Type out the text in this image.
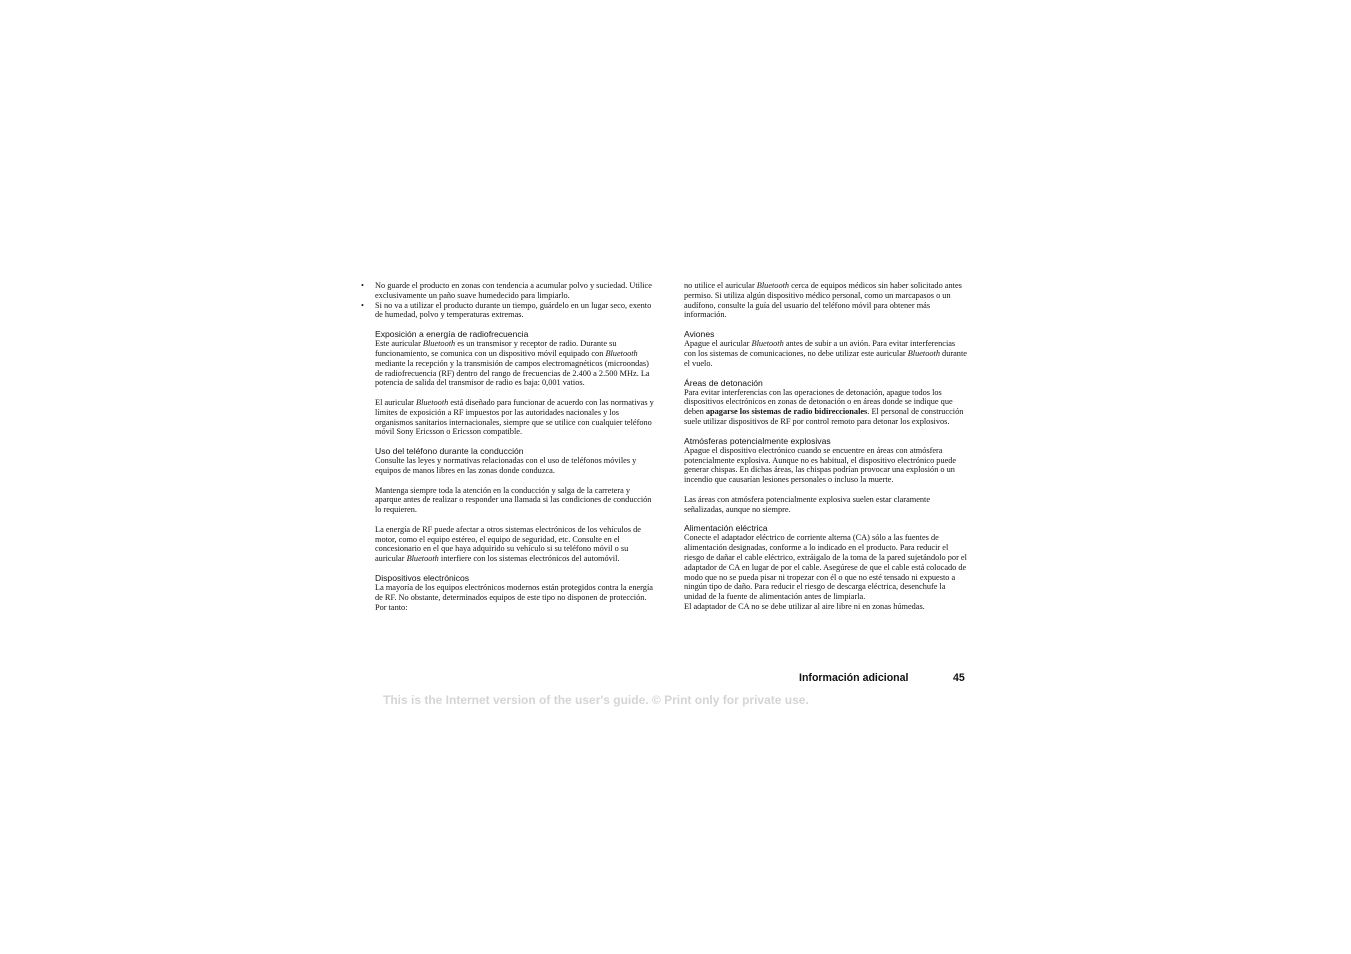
• No guarde el producto en zonas con tendencia a acumular polvo y suciedad. Utilice exclusivamente un paño suave humedecido para limpiarlo.
• Si no va a utilizar el producto durante un tiempo, guárdelo en un lugar seco, exento de humedad, polvo y temperaturas extremas.
Exposición a energía de radiofrecuencia

Este auricular Bluetooth es un transmisor y receptor de radio. Durante su funcionamiento, se comunica con un dispositivo móvil equipado con Bluetooth mediante la recepción y la transmisión de campos electromagnéticos (microondas) de radiofrecuencia (RF) dentro del rango de frecuencias de 2.400 a 2.500 MHz. La potencia de salida del transmisor de radio es baja: 0,001 vatios.

El auricular Bluetooth está diseñado para funcionar de acuerdo con las normativas y límites de exposición a RF impuestos por las autoridades nacionales y los organismos sanitarios internacionales, siempre que se utilice con cualquier teléfono móvil Sony Ericsson o Ericsson compatible.

Uso del teléfono durante la conducción

Consulte las leyes y normativas relacionadas con el uso de teléfonos móviles y equipos de manos libres en las zonas donde conduzca.

Mantenga siempre toda la atención en la conducción y salga de la carretera y aparque antes de realizar o responder una llamada si las condiciones de conducción lo requieren.

La energía de RF puede afectar a otros sistemas electrónicos de los vehículos de motor, como el equipo estéreo, el equipo de seguridad, etc. Consulte en el concesionario en el que haya adquirido su vehículo si su teléfono móvil o su auricular Bluetooth interfiere con los sistemas electrónicos del automóvil.

Dispositivos electrónicos

La mayoría de los equipos electrónicos modernos están protegidos contra la energía de RF. No obstante, determinados equipos de este tipo no disponen de protección. Por tanto:

no utilice el auricular Bluetooth cerca de equipos médicos sin haber solicitado antes permiso. Si utiliza algún dispositivo médico personal, como un marcapasos o un audífono, consulte la guía del usuario del teléfono móvil para obtener más información.

Aviones

Apague el auricular Bluetooth antes de subir a un avión. Para evitar interferencias con los sistemas de comunicaciones, no debe utilizar este auricular Bluetooth durante el vuelo.

Áreas de detonación

Para evitar interferencias con las operaciones de detonación, apague todos los dispositivos electrónicos en zonas de detonación o en áreas donde se indique que deben apagarse los sistemas de radio bidireccionales. El personal de construcción suele utilizar dispositivos de RF por control remoto para detonar los explosivos.

Atmósferas potencialmente explosivas

Apague el dispositivo electrónico cuando se encuentre en áreas con atmósfera potencialmente explosiva. Aunque no es habitual, el dispositivo electrónico puede generar chispas. En dichas áreas, las chispas podrían provocar una explosión o un incendio que causarían lesiones personales o incluso la muerte.

Las áreas con atmósfera potencialmente explosiva suelen estar claramente señalizadas, aunque no siempre.

Alimentación eléctrica

Conecte el adaptador eléctrico de corriente alterna (CA) sólo a las fuentes de alimentación designadas, conforme a lo indicado en el producto. Para reducir el riesgo de dañar el cable eléctrico, extráigalo de la toma de la pared sujetándolo por el adaptador de CA en lugar de por el cable. Asegúrese de que el cable está colocado de modo que no se pueda pisar ni tropezar con él o que no esté tensado ni expuesto a ningún tipo de daño. Para reducir el riesgo de descarga eléctrica, desenchufe la unidad de la fuente de alimentación antes de limpiarla.

El adaptador de CA no se debe utilizar al aire libre ni en zonas húmedas.

Información adicional	45
This is the Internet version of the user's guide. © Print only for private use.
